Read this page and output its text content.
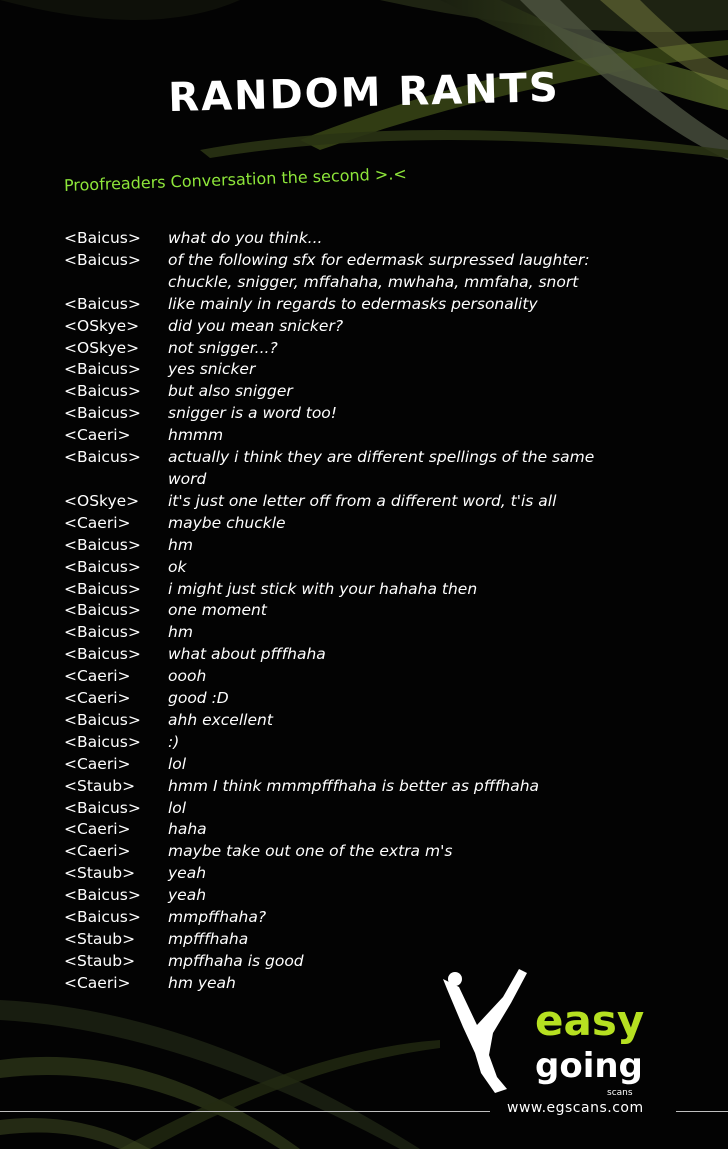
RANDOM RANTS

Proofreaders Conversation the second >.<

<Baicus>	what do you think...
<Baicus>	of the following sfx for edermask surpressed laughter: chuckle, snigger, mffahaha, mwhaha, mmfaha, snort
<Baicus>	like mainly in regards to edermasks personality
<OSkye>	did you mean snicker?
<OSkye>	not snigger...?
<Baicus>	yes snicker
<Baicus>	but also snigger
<Baicus>	snigger is a word too!
<Caeri>	hmmm
<Baicus>	actually i think they are different spellings of the same word
<OSkye>	it's just one letter off from a different word, t'is all
<Caeri>	maybe chuckle
<Baicus>	hm
<Baicus>	ok
<Baicus>	i might just stick with your hahaha then
<Baicus>	one moment
<Baicus>	hm
<Baicus>	what about pfffhaha
<Caeri>	oooh
<Caeri>	good :D
<Baicus>	ahh excellent
<Baicus>	:)
<Caeri>	lol
<Staub>	hmm I think mmmpfffhaha is better as pfffhaha
<Baicus>	lol
<Caeri>	haha
<Caeri>	maybe take out one of the extra m's
<Staub>	yeah
<Baicus>	yeah
<Baicus>	mmpffhaha?
<Staub>	mpfffhaha
<Staub>	mpffhaha is good
<Caeri>	hm yeah
easy
going
scans
www.egscans.com
